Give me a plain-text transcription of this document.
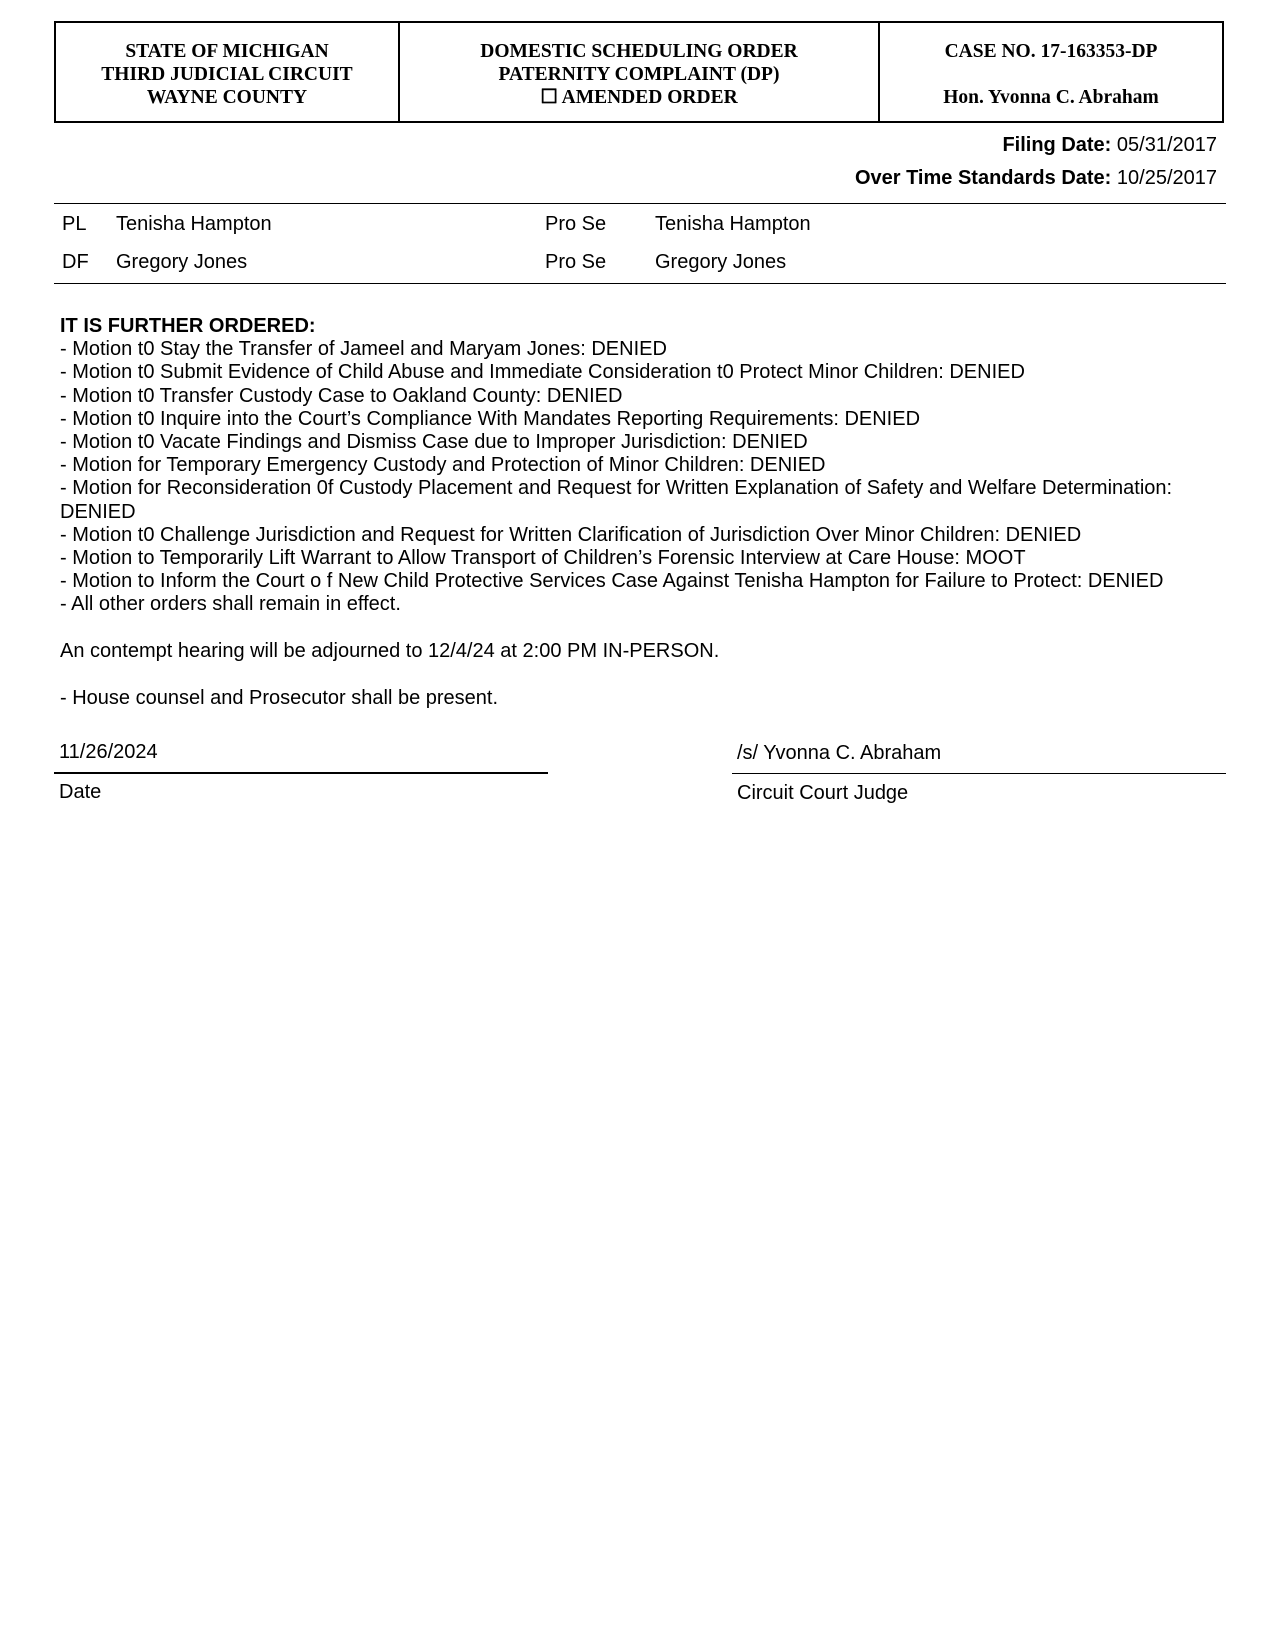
STATE OF MICHIGAN
THIRD JUDICIAL CIRCUIT
WAYNE COUNTY
DOMESTIC SCHEDULING ORDER
PATERNITY COMPLAINT (DP)
☐ AMENDED ORDER
CASE NO. 17-163353-DP
Hon. Yvonna C. Abraham
Filing Date: 05/31/2017
Over Time Standards Date: 10/25/2017
PL Tenisha Hampton	Pro Se Tenisha Hampton
DF Gregory Jones	Pro Se Gregory Jones
IT IS FURTHER ORDERED:
- Motion t0 Stay the Transfer of Jameel and Maryam Jones: DENIED
- Motion t0 Submit Evidence of Child Abuse and Immediate Consideration t0 Protect Minor Children: DENIED
- Motion t0 Transfer Custody Case to Oakland County: DENIED
- Motion t0 Inquire into the Court’s Compliance With Mandates Reporting Requirements: DENIED
- Motion t0 Vacate Findings and Dismiss Case due to Improper Jurisdiction: DENIED
- Motion for Temporary Emergency Custody and Protection of Minor Children: DENIED
- Motion for Reconsideration 0f Custody Placement and Request for Written Explanation of Safety and Welfare Determination: DENIED
- Motion t0 Challenge Jurisdiction and Request for Written Clarification of Jurisdiction Over Minor Children: DENIED
- Motion to Temporarily Lift Warrant to Allow Transport of Children’s Forensic Interview at Care House: MOOT
- Motion to Inform the Court o f New Child Protective Services Case Against Tenisha Hampton for Failure to Protect: DENIED
- All other orders shall remain in effect.
An contempt hearing will be adjourned to 12/4/24 at 2:00 PM IN-PERSON.
- House counsel and Prosecutor shall be present.
11/26/2024
Date
/s/ Yvonna C. Abraham
Circuit Court Judge
